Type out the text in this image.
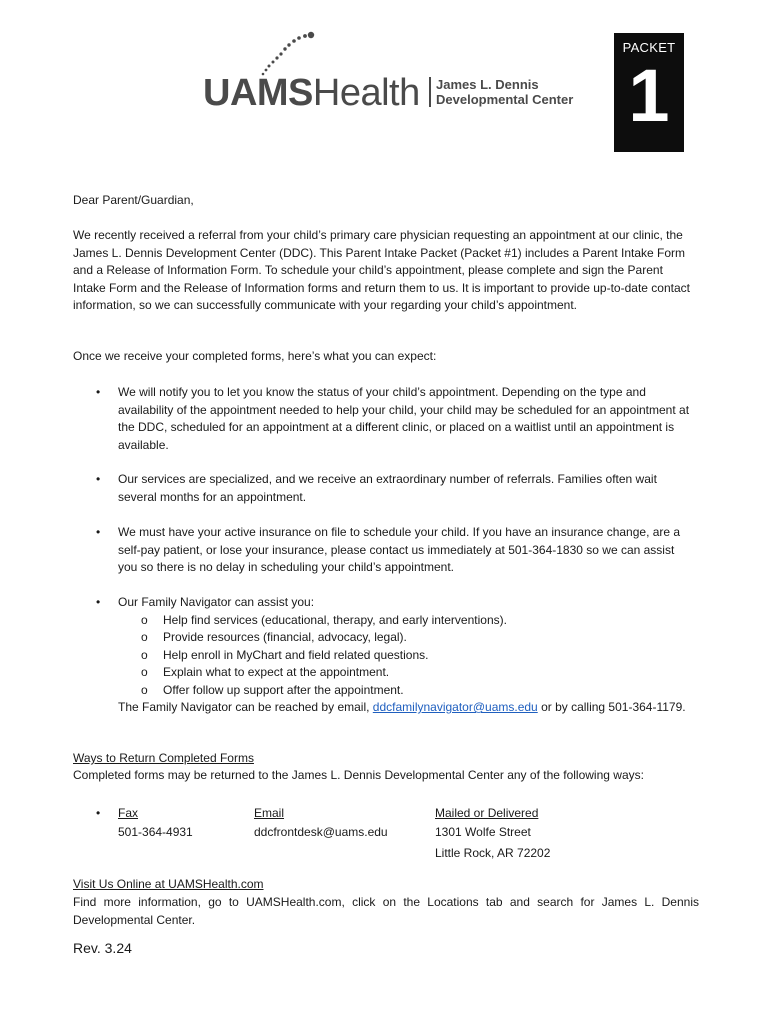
UAMSHealth James L. Dennis
Developmental Center
PACKET
1
Dear Parent/Guardian,
We recently received a referral from your child’s primary care physician requesting an appointment at our clinic, the James L. Dennis Development Center (DDC). This Parent Intake Packet (Packet #1) includes a Parent Intake Form and a Release of Information Form. To schedule your child’s appointment, please complete and sign the Parent Intake Form and the Release of Information forms and return them to us. It is important to provide up-to-date contact information, so we can successfully communicate with your regarding your child’s appointment.
Once we receive your completed forms, here’s what you can expect:
• We will notify you to let you know the status of your child’s appointment. Depending on the type and availability of the appointment needed to help your child, your child may be scheduled for an appointment at the DDC, scheduled for an appointment at a different clinic, or placed on a waitlist until an appointment is available.
• Our services are specialized, and we receive an extraordinary number of referrals. Families often wait several months for an appointment.
• We must have your active insurance on file to schedule your child. If you have an insurance change, are a self-pay patient, or lose your insurance, please contact us immediately at 501-364-1830 so we can assist you so there is no delay in scheduling your child’s appointment.
• Our Family Navigator can assist you:
o Help find services (educational, therapy, and early interventions).
o Provide resources (financial, advocacy, legal).
o Help enroll in MyChart and field related questions.
o Explain what to expect at the appointment.
o Offer follow up support after the appointment.
The Family Navigator can be reached by email, ddcfamilynavigator@uams.edu or by calling 501-364-1179.
Ways to Return Completed Forms
Completed forms may be returned to the James L. Dennis Developmental Center any of the following ways:
• Fax
501-364-4931
Email
ddcfrontdesk@uams.edu
Mailed or Delivered
1301 Wolfe Street
Little Rock, AR 72202
Visit Us Online at UAMSHealth.com
Find more information, go to UAMSHealth.com, click on the Locations tab and search for James L. Dennis Developmental Center.
Rev. 3.24
